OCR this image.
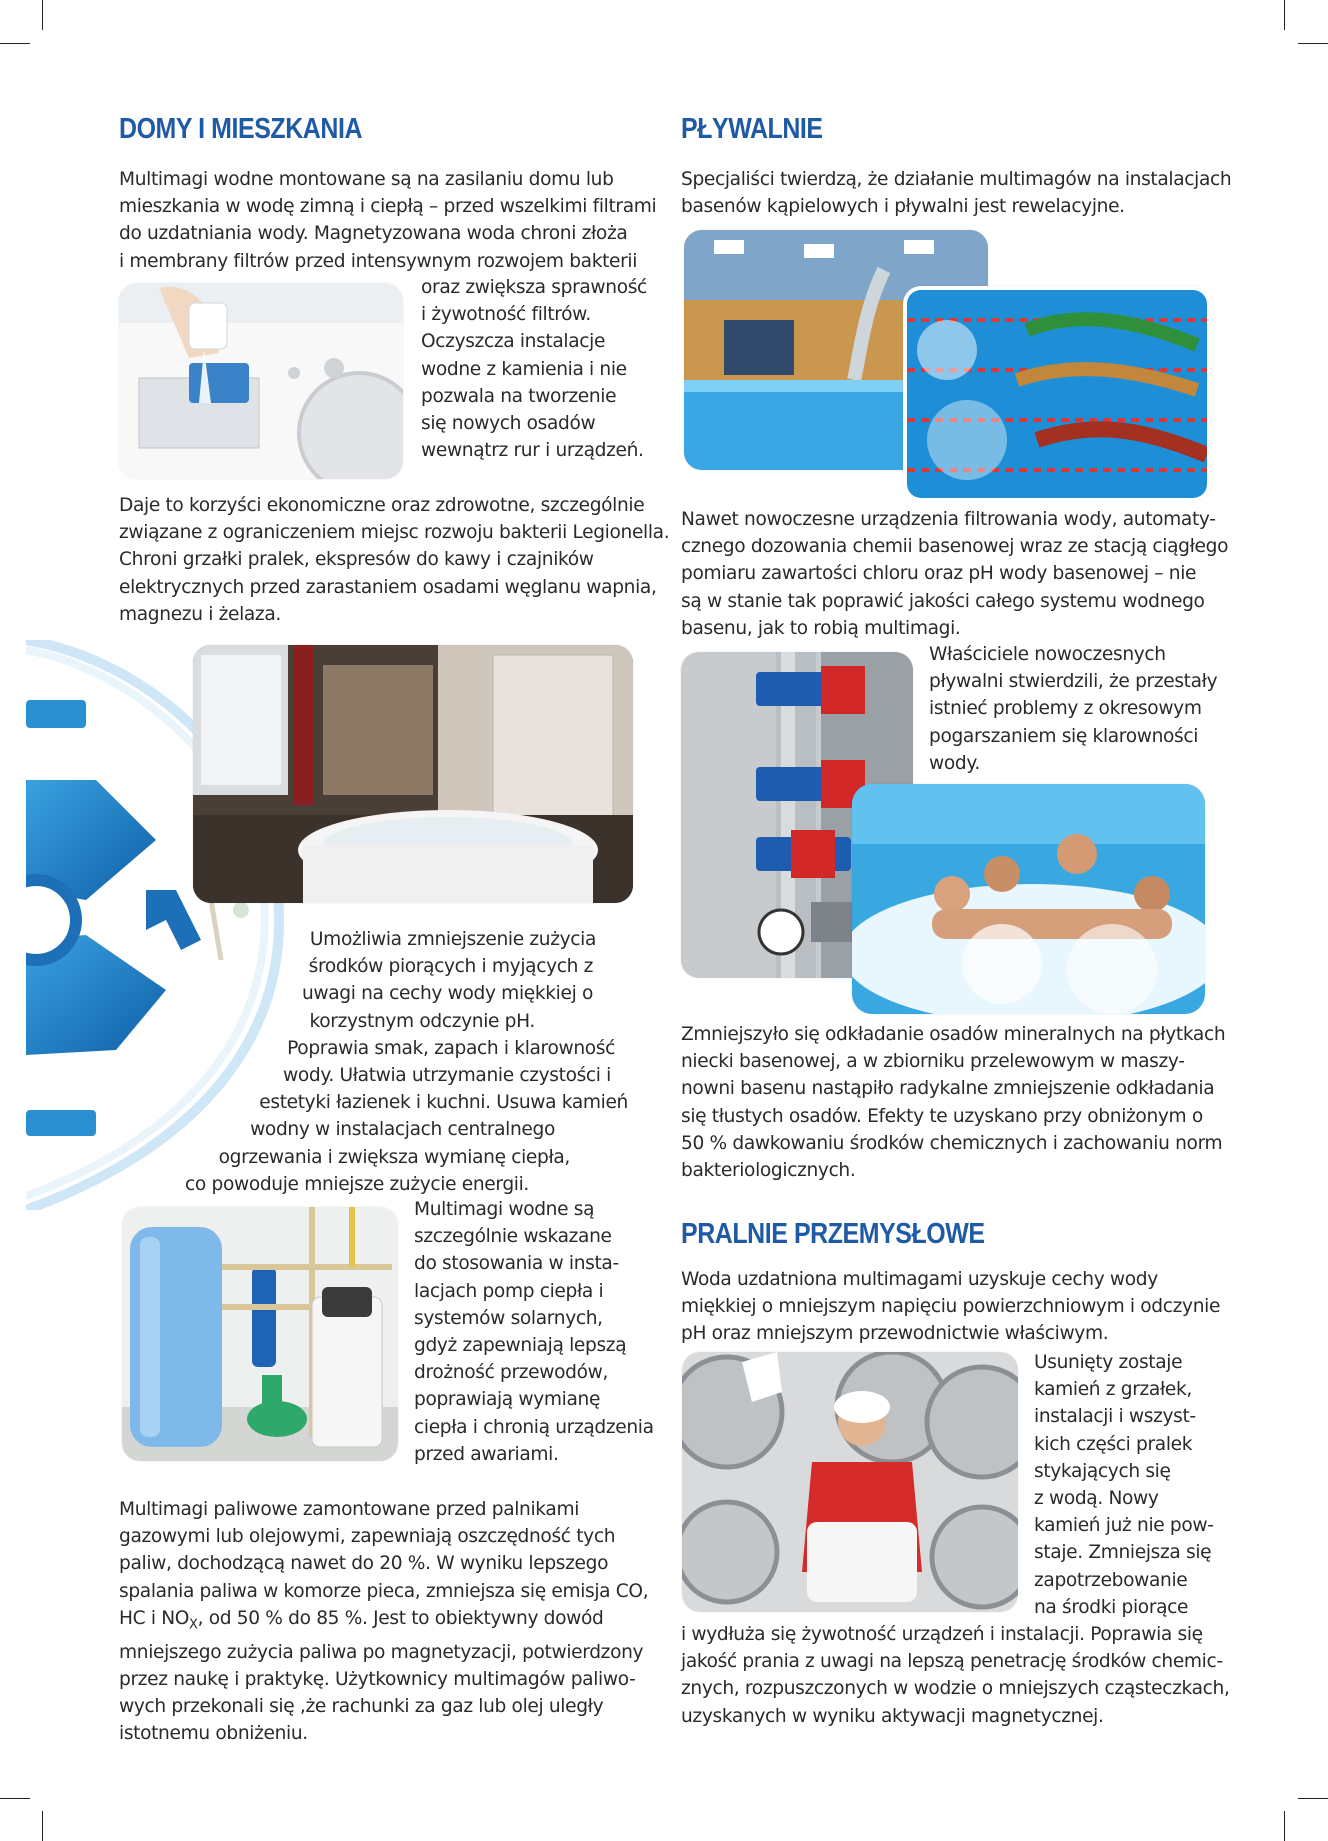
DOMY I MIESZKANIA

Multimagi wodne montowane są na zasilaniu domu lub
mieszkania w wodę zimną i ciepłą – przed wszelkimi filtrami
do uzdatniania wody. Magnetyzowana woda chroni złoża
i membrany filtrów przed intensywnym rozwojem bakterii

oraz zwiększa sprawność
i żywotność filtrów.
Oczyszcza instalacje
wodne z kamienia i nie
pozwala na tworzenie
się nowych osadów
wewnątrz rur i urządzeń.

Daje to korzyści ekonomiczne oraz zdrowotne, szczególnie
związane z ograniczeniem miejsc rozwoju bakterii Legionella.
Chroni grzałki pralek, ekspresów do kawy i czajników
elektrycznych przed zarastaniem osadami węglanu wapnia,
magnezu i żelaza.

Umożliwia zmniejszenie zużycia
środków piorących i myjących z
uwagi na cechy wody miękkiej o
korzystnym odczynie pH.
Poprawia smak, zapach i klarowność
wody. Ułatwia utrzymanie czystości i
estetyki łazienek i kuchni. Usuwa kamień
wodny w instalacjach centralnego
ogrzewania i zwiększa wymianę ciepła,
co powoduje mniejsze zużycie energii.

Multimagi wodne są
szczególnie wskazane
do stosowania w insta-
lacjach pomp ciepła i
systemów solarnych,
gdyż zapewniają lepszą
drożność przewodów,
poprawiają wymianę
ciepła i chronią urządzenia
przed awariami.

Multimagi paliwowe zamontowane przed palnikami
gazowymi lub olejowymi, zapewniają oszczędność tych
paliw, dochodzącą nawet do 20 %. W wyniku lepszego
spalania paliwa w komorze pieca, zmniejsza się emisja CO,
HC i $NO_X$, od 50 % do 85 %. Jest to obiektywny dowód
mniejszego zużycia paliwa po magnetyzacji, potwierdzony
przez naukę i praktykę. Użytkownicy multimagów paliwo-
wych przekonali się ,że rachunki za gaz lub olej uległy
istotnemu obniżeniu.

PŁYWALNIE

Specjaliści twierdzą, że działanie multimagów na instalacjach
basenów kąpielowych i pływalni jest rewelacyjne.

Nawet nowoczesne urządzenia filtrowania wody, automaty-
cznego dozowania chemii basenowej wraz ze stacją ciągłego
pomiaru zawartości chloru oraz pH wody basenowej – nie
są w stanie tak poprawić jakości całego systemu wodnego
basenu, jak to robią multimagi.

Właściciele nowoczesnych
pływalni stwierdzili, że przestały
istnieć problemy z okresowym
pogarszaniem się klarowności
wody.

Zmniejszyło się odkładanie osadów mineralnych na płytkach
niecki basenowej, a w zbiorniku przelewowym w maszy-
nowni basenu nastąpiło radykalne zmniejszenie odkładania
się tłustych osadów. Efekty te uzyskano przy obniżonym o
50 % dawkowaniu środków chemicznych i zachowaniu norm
bakteriologicznych.

PRALNIE PRZEMYSŁOWE

Woda uzdatniona multimagami uzyskuje cechy wody
miękkiej o mniejszym napięciu powierzchniowym i odczynie
pH oraz mniejszym przewodnictwie właściwym.

Usunięty zostaje
kamień z grzałek,
instalacji i wszyst-
kich części pralek
stykających się
z wodą. Nowy
kamień już nie pow-
staje. Zmniejsza się
zapotrzebowanie
na środki piorące

i wydłuża się żywotność urządzeń i instalacji. Poprawia się
jakość prania z uwagi na lepszą penetrację środków chemic-
znych, rozpuszczonych w wodzie o mniejszych cząsteczkach,
uzyskanych w wyniku aktywacji magnetycznej.
